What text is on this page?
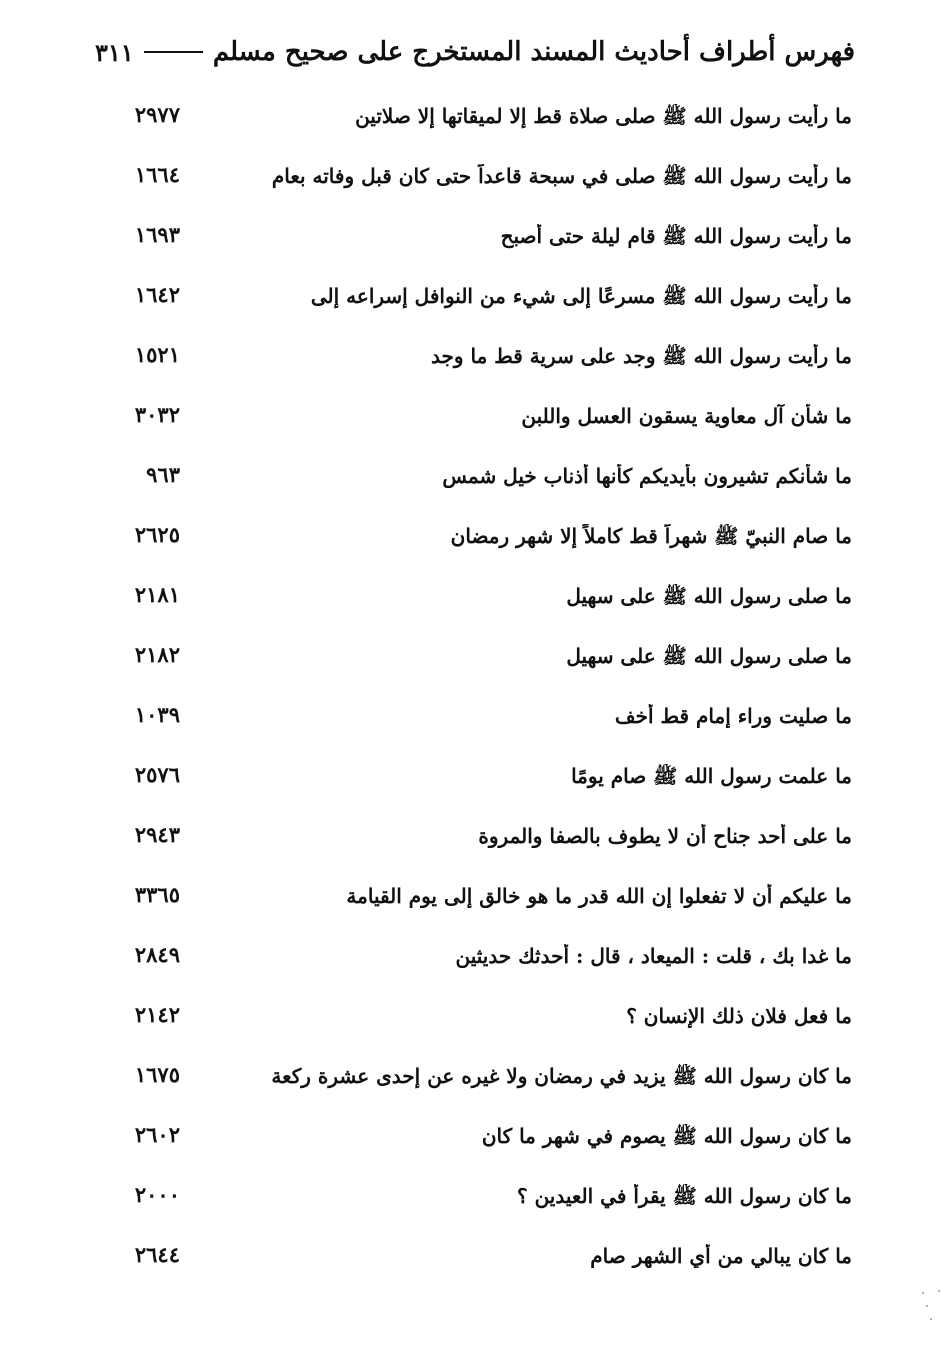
فهرس أطراف أحاديث المسند المستخرج على صحيح مسلم
٣١١
ما رأيت رسول الله ﷺ صلى صلاة قط إلا لميقاتها إلا صلاتين
٢٩٧٧
ما رأيت رسول الله ﷺ صلى في سبحة قاعداً حتى كان قبل وفاته بعام
١٦٦٤
ما رأيت رسول الله ﷺ قام ليلة حتى أصبح
١٦٩٣
ما رأيت رسول الله ﷺ مسرعًا إلى شيء من النوافل إسراعه إلى
١٦٤٢
ما رأيت رسول الله ﷺ وجد على سرية قط ما وجد
١٥٢١
ما شأن آل معاوية يسقون العسل واللبن
٣٠٣٢
ما شأنكم تشيرون بأيديكم كأنها أذناب خيل شمس
٩٦٣
ما صام النبيّ ﷺ شهراً قط كاملاً إلا شهر رمضان
٢٦٢٥
ما صلى رسول الله ﷺ على سهيل
٢١٨١
ما صلى رسول الله ﷺ على سهيل
٢١٨٢
ما صليت وراء إمام قط أخف
١٠٣٩
ما علمت رسول الله ﷺ صام يومًا
٢٥٧٦
ما على أحد جناح أن لا يطوف بالصفا والمروة
٢٩٤٣
ما عليكم أن لا تفعلوا إن الله قدر ما هو خالق إلى يوم القيامة
٣٣٦٥
ما غدا بك ، قلت : الميعاد ، قال : أحدثك حديثين
٢٨٤٩
ما فعل فلان ذلك الإنسان ؟
٢١٤٢
ما كان رسول الله ﷺ يزيد في رمضان ولا غيره عن إحدى عشرة ركعة
١٦٧٥
ما كان رسول الله ﷺ يصوم في شهر ما كان
٢٦٠٢
ما كان رسول الله ﷺ يقرأ في العيدين ؟
٢٠٠٠
ما كان يبالي من أي الشهر صام
٢٦٤٤
